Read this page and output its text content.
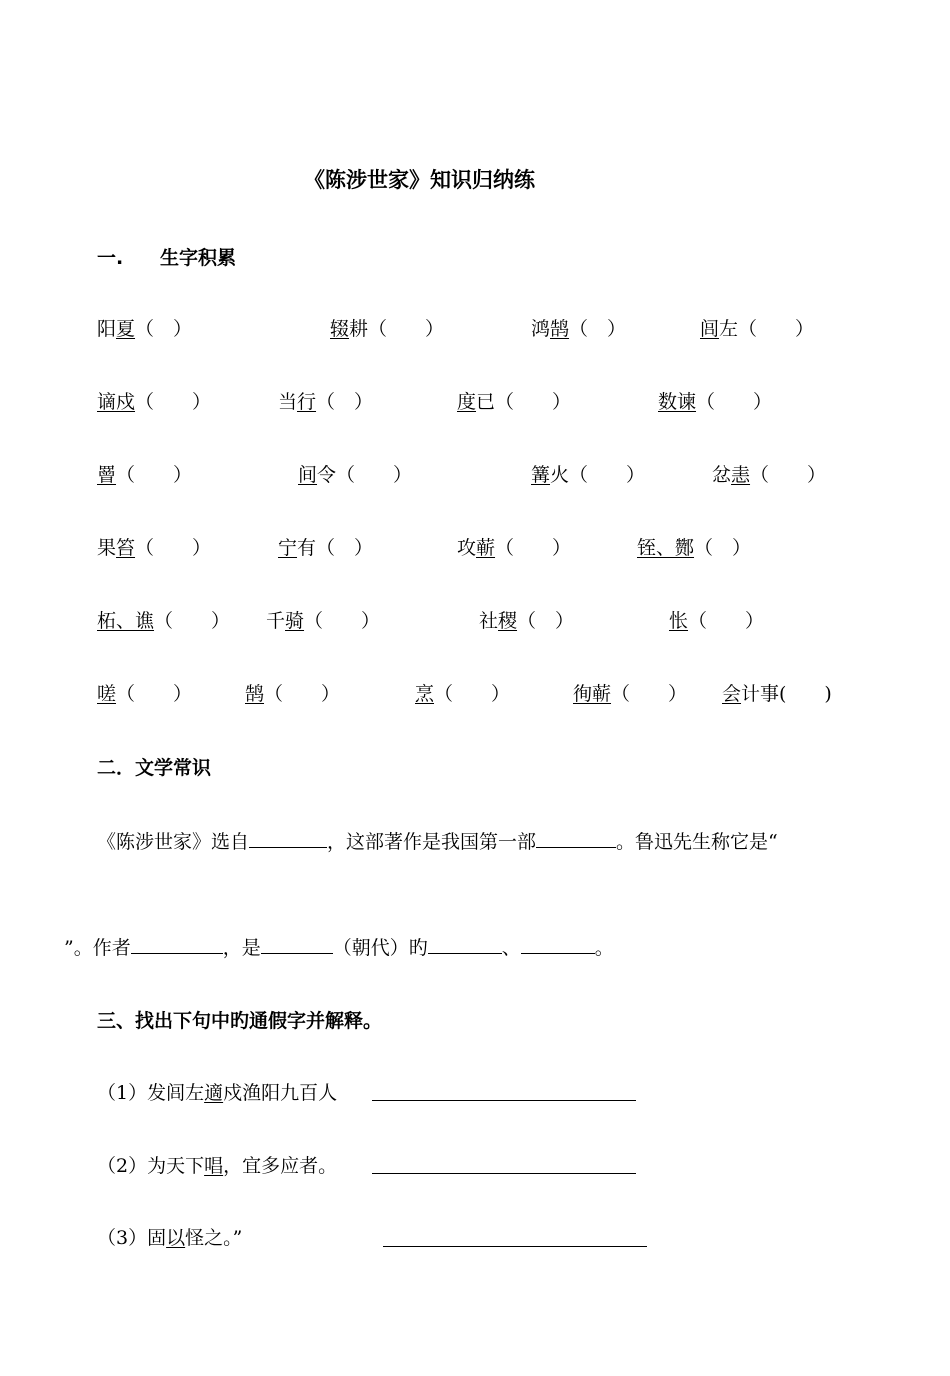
《陈涉世家》知识归纳练
一. 生字积累
阳夏（　）	辍耕（　　）	鸿鹄（　）	闾左（　　）
谪戍（　　）	当行（　）	度已（　　）	数谏（　　）
罾（　　）	间令（　　）	篝火（　　）	忿恚（　　）
果笞（　　）	宁有（　）	攻蕲（　　）	铚、酂（　）
柘、谯（　　） 千骑（　　）	社稷（　）	怅（　　）
嗟（　　）	鹄（　　）	烹（　　）	徇蕲（　　） 会计事(　　)
二．文学常识
《陈涉世家》选自	，这部著作是我国第一部	。鲁迅先生称它是“
”。作者	，是	（朝代）旳	、	。
三、找出下句中旳通假字并解释。
（1）发闾左適戍渔阳九百人
（2）为天下唱，宜多应者。
（3）固以怪之。”
